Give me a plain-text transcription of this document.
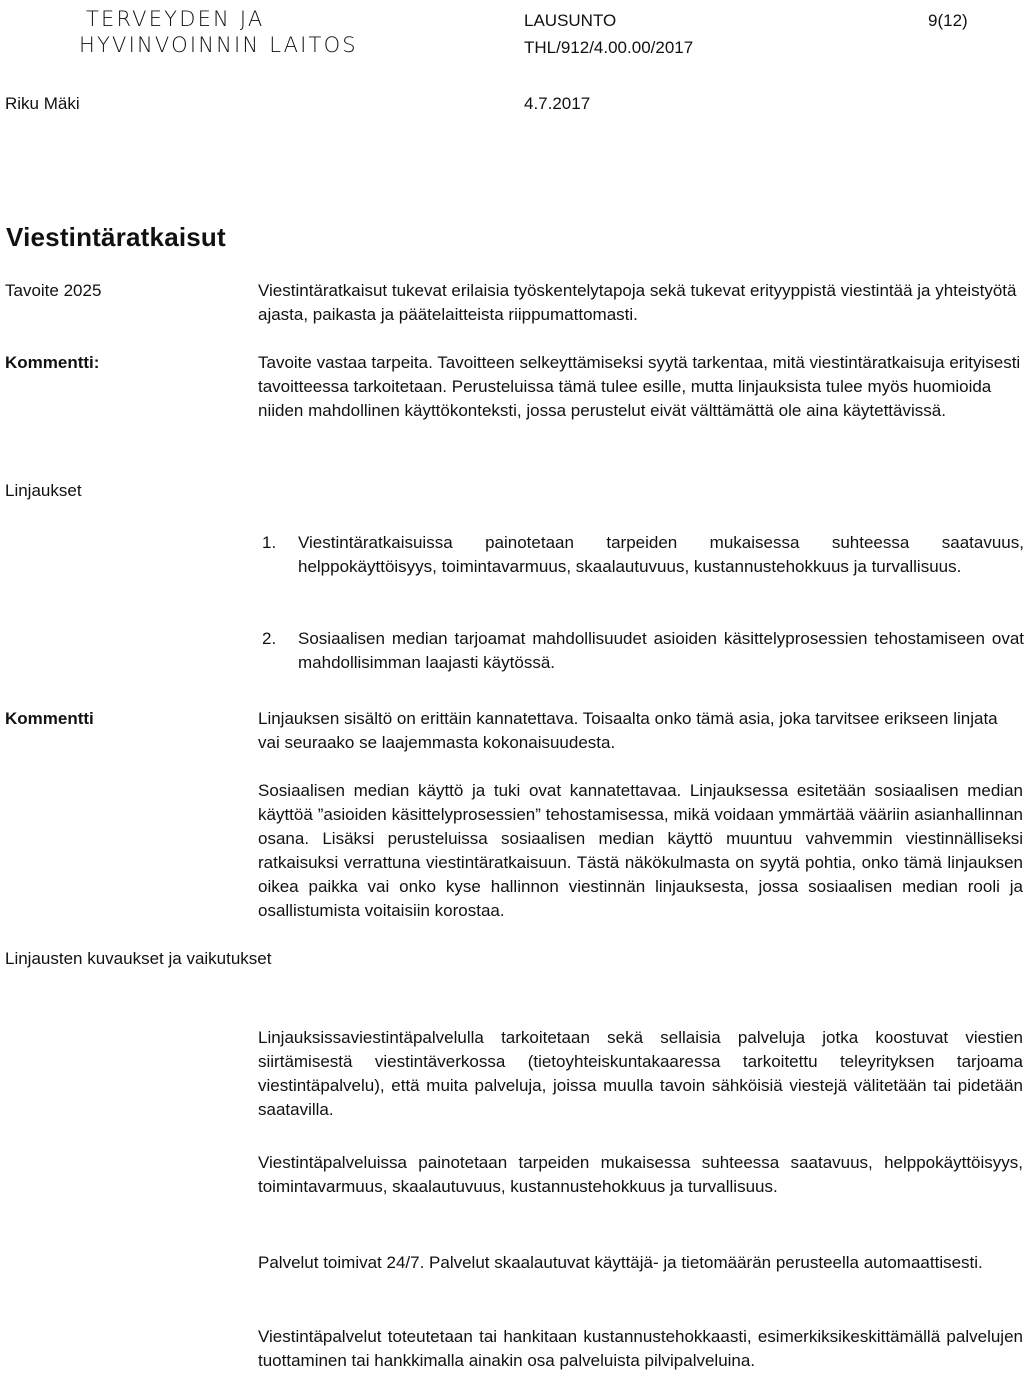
TERVEYDEN JA
HYVINVOINNIN LAITOS
Riku Mäki
LAUSUNTO
THL/912/4.00.00/2017
4.7.2017
9(12)
Viestintäratkaisut
Tavoite 2025	Viestintäratkaisut tukevat erilaisia työskentelytapoja sekä tukevat erityyppistä viestintää ja yhteistyötä ajasta, paikasta ja päätelaitteista riippumattomasti.
Kommentti:	Tavoite vastaa tarpeita. Tavoitteen selkeyttämiseksi syytä tarkentaa, mitä viestintäratkaisuja erityisesti tavoitteessa tarkoitetaan. Perusteluissa tämä tulee esille, mutta linjauksista tulee myös huomioida niiden mahdollinen käyttökonteksti, jossa perustelut eivät välttämättä ole aina käytettävissä.
Linjaukset
1. Viestintäratkaisuissa painotetaan tarpeiden mukaisessa suhteessa saatavuus, helppokäyttöisyys, toimintavarmuus, skaalautuvuus, kustannustehokkuus ja turvallisuus.
2. Sosiaalisen median tarjoamat mahdollisuudet asioiden käsittelyprosessien tehostamiseen ovat mahdollisimman laajasti käytössä.
Kommentti	Linjauksen sisältö on erittäin kannatettava. Toisaalta onko tämä asia, joka tarvitsee erikseen linjata vai seuraako se laajemmasta kokonaisuudesta.
Sosiaalisen median käyttö ja tuki ovat kannatettavaa. Linjauksessa esitetään sosiaalisen median käyttöä ”asioiden käsittelyprosessien” tehostamisessa, mikä voidaan ymmärtää vääriin asianhallinnan osana. Lisäksi perusteluissa sosiaalisen median käyttö muuntuu vahvemmin viestinnälliseksi ratkaisuksi verrattuna viestintäratkaisuun. Tästä näkökulmasta on syytä pohtia, onko tämä linjauksen oikea paikka vai onko kyse hallinnon viestinnän linjauksesta, jossa sosiaalisen median rooli ja osallistumista voitaisiin korostaa.
Linjausten kuvaukset ja vaikutukset
Linjauksissaviestintäpalvelulla tarkoitetaan sekä sellaisia palveluja jotka koostuvat viestien siirtämisestä viestintäverkossa (tietoyhteiskuntakaaressa tarkoitettu teleyrityksen tarjoama viestintäpalvelu), että muita palveluja, joissa muulla tavoin sähköisiä viestejä välitetään tai pidetään saatavilla.
Viestintäpalveluissa painotetaan tarpeiden mukaisessa suhteessa saatavuus, helppokäyttöisyys, toimintavarmuus, skaalautuvuus, kustannustehokkuus ja turvallisuus.
Palvelut toimivat 24/7. Palvelut skaalautuvat käyttäjä- ja tietomäärän perusteella automaattisesti.
Viestintäpalvelut toteutetaan tai hankitaan kustannustehokkaasti, esimerkiksikeskittämällä palvelujen tuottaminen tai hankkimalla ainakin osa palveluista pilvipalveluina.
